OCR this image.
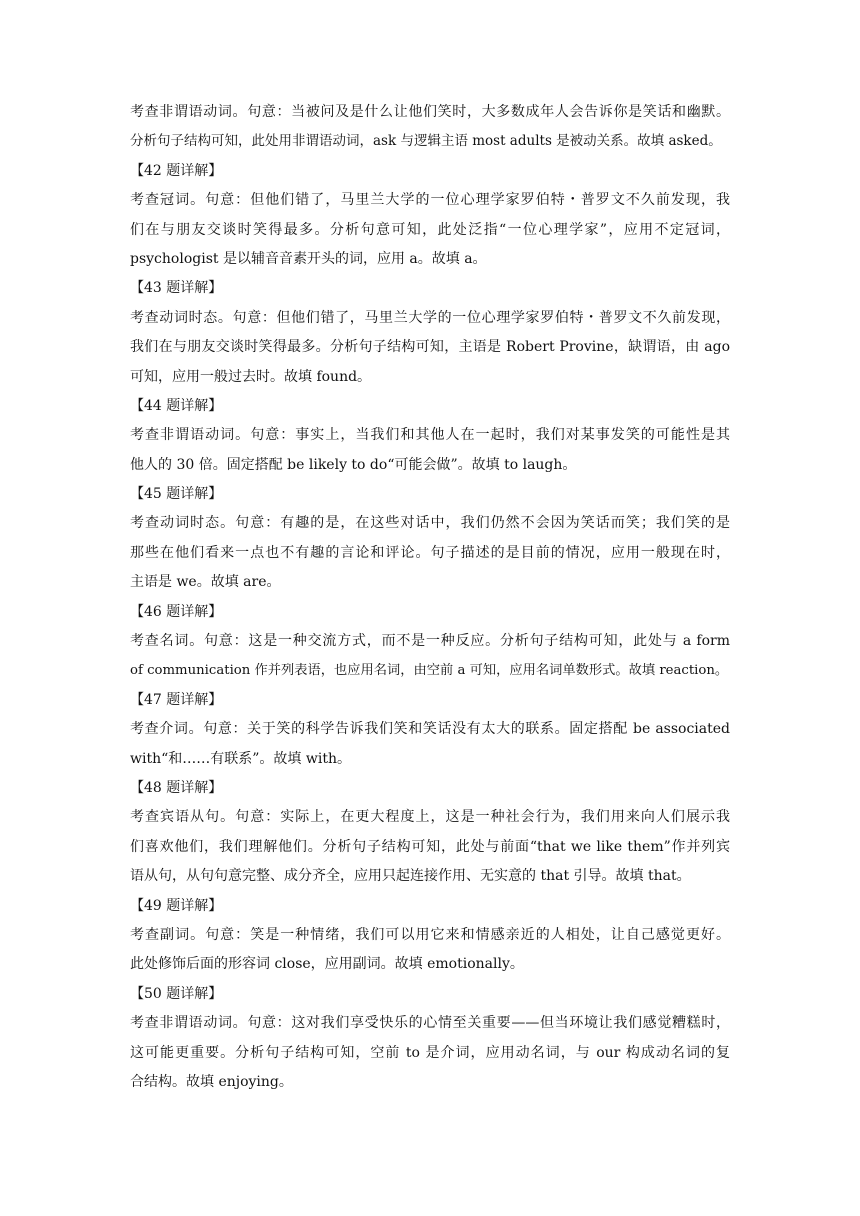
考查非谓语动词。句意：当被问及是什么让他们笑时，大多数成年人会告诉你是笑话和幽默。
分析句子结构可知，此处用非谓语动词，ask 与逻辑主语 most adults 是被动关系。故填 asked。
【42 题详解】
考查冠词。句意：但他们错了，马里兰大学的一位心理学家罗伯特・普罗文不久前发现，我
们在与朋友交谈时笑得最多。分析句意可知，此处泛指“一位心理学家”，应用不定冠词，
psychologist 是以辅音音素开头的词，应用 a。故填 a。
【43 题详解】
考查动词时态。句意：但他们错了，马里兰大学的一位心理学家罗伯特・普罗文不久前发现，
我们在与朋友交谈时笑得最多。分析句子结构可知，主语是 Robert Provine，缺谓语，由 ago
可知，应用一般过去时。故填 found。
【44 题详解】
考查非谓语动词。句意：事实上，当我们和其他人在一起时，我们对某事发笑的可能性是其
他人的 30 倍。固定搭配 be likely to do“可能会做”。故填 to laugh。
【45 题详解】
考查动词时态。句意：有趣的是，在这些对话中，我们仍然不会因为笑话而笑；我们笑的是
那些在他们看来一点也不有趣的言论和评论。句子描述的是目前的情况，应用一般现在时，
主语是 we。故填 are。
【46 题详解】
考查名词。句意：这是一种交流方式，而不是一种反应。分析句子结构可知，此处与 a form
of communication 作并列表语，也应用名词，由空前 a 可知，应用名词单数形式。故填 reaction。
【47 题详解】
考查介词。句意：关于笑的科学告诉我们笑和笑话没有太大的联系。固定搭配 be associated
with“和……有联系”。故填 with。
【48 题详解】
考查宾语从句。句意：实际上，在更大程度上，这是一种社会行为，我们用来向人们展示我
们喜欢他们，我们理解他们。分析句子结构可知，此处与前面“that we like them”作并列宾
语从句，从句句意完整、成分齐全，应用只起连接作用、无实意的 that 引导。故填 that。
【49 题详解】
考查副词。句意：笑是一种情绪，我们可以用它来和情感亲近的人相处，让自己感觉更好。
此处修饰后面的形容词 close，应用副词。故填 emotionally。
【50 题详解】
考查非谓语动词。句意：这对我们享受快乐的心情至关重要——但当环境让我们感觉糟糕时，
这可能更重要。分析句子结构可知，空前 to 是介词，应用动名词，与 our 构成动名词的复
合结构。故填 enjoying。
